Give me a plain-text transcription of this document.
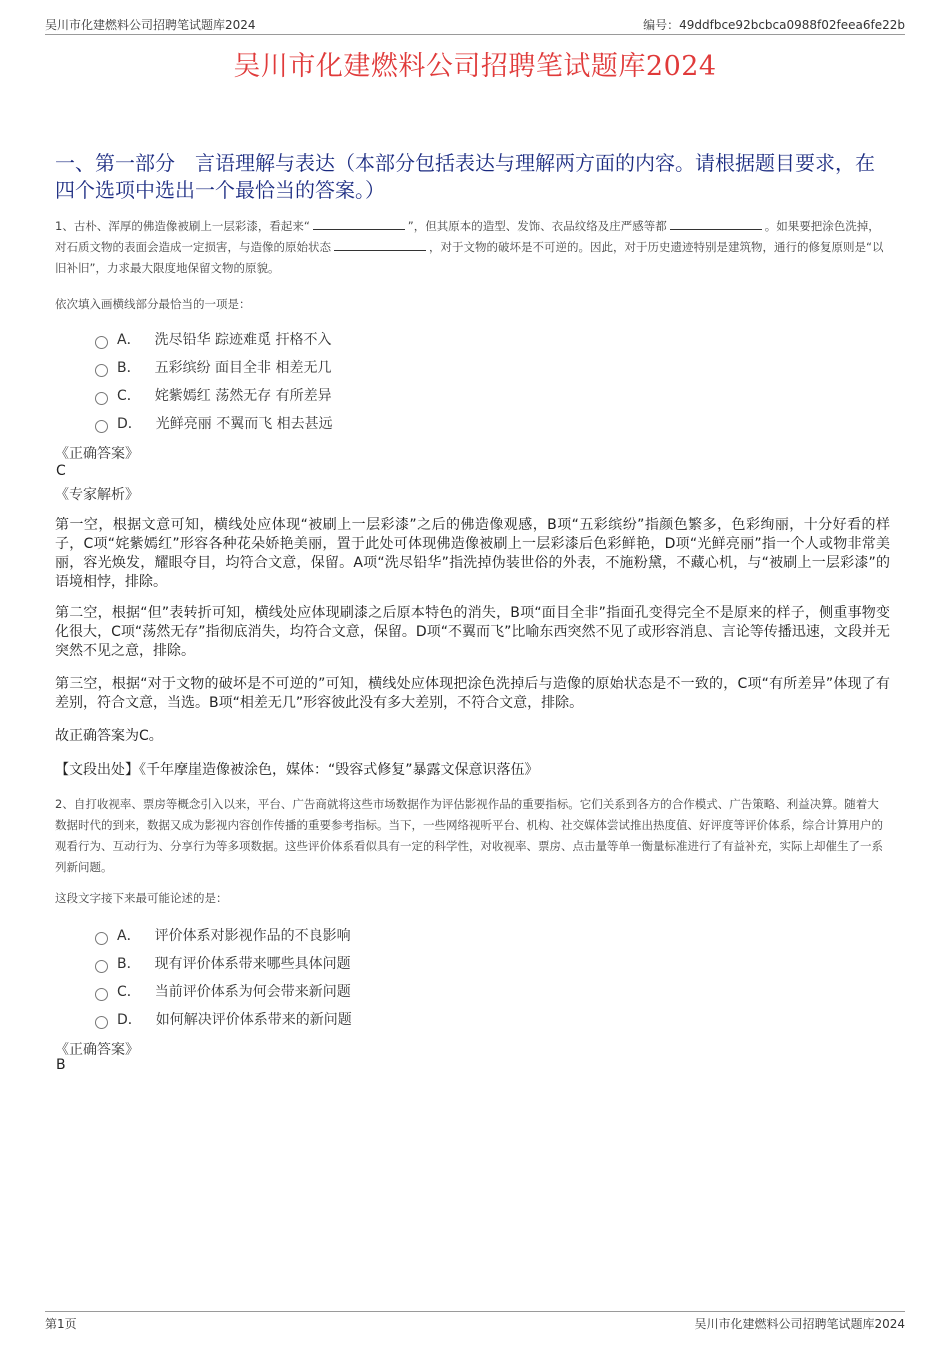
吴川市化建燃料公司招聘笔试题库2024	编号：49ddfbce92bcbca0988f02feea6fe22b
吴川市化建燃料公司招聘笔试题库2024
一、第一部分　言语理解与表达（本部分包括表达与理解两方面的内容。请根据题目要求，在四个选项中选出一个最恰当的答案。）
1、古朴、浑厚的佛造像被刷上一层彩漆，看起来“	”，但其原本的造型、发饰、衣品纹络及庄严感等都	。如果要把涂色洗掉，对石质文物的表面会造成一定损害，与造像的原始状态	，对于文物的破坏是不可逆的。因此，对于历史遗迹特别是建筑物，通行的修复原则是“以旧补旧”，力求最大限度地保留文物的原貌。
依次填入画横线部分最恰当的一项是：
A． 洗尽铅华 踪迹难觅 扞格不入
B． 五彩缤纷 面目全非 相差无几
C． 姹紫嫣红 荡然无存 有所差异
D． 光鲜亮丽 不翼而飞 相去甚远
《正确答案》
C
《专家解析》
第一空，根据文意可知，横线处应体现“被刷上一层彩漆”之后的佛造像观感，B项“五彩缤纷”指颜色繁多，色彩绚丽，十分好看的样子，C项“姹紫嫣红”形容各种花朵娇艳美丽，置于此处可体现佛造像被刷上一层彩漆后色彩鲜艳，D项“光鲜亮丽”指一个人或物非常美丽，容光焕发，耀眼夺目，均符合文意，保留。A项“洗尽铅华”指洗掉伪装世俗的外表，不施粉黛，不藏心机，与“被刷上一层彩漆”的语境相悖，排除。
第二空，根据“但”表转折可知，横线处应体现刷漆之后原本特色的消失，B项“面目全非”指面孔变得完全不是原来的样子，侧重事物变化很大，C项“荡然无存”指彻底消失，均符合文意，保留。D项“不翼而飞”比喻东西突然不见了或形容消息、言论等传播迅速，文段并无突然不见之意，排除。
第三空，根据“对于文物的破坏是不可逆的”可知，横线处应体现把涂色洗掉后与造像的原始状态是不一致的，C项“有所差异”体现了有差别，符合文意，当选。B项“相差无几”形容彼此没有多大差别，不符合文意，排除。
故正确答案为C。
【文段出处】《千年摩崖造像被涂色，媒体：“毁容式修复”暴露文保意识落伍》
2、自打收视率、票房等概念引入以来，平台、广告商就将这些市场数据作为评估影视作品的重要指标。它们关系到各方的合作模式、广告策略、利益决算。随着大数据时代的到来，数据又成为影视内容创作传播的重要参考指标。当下，一些网络视听平台、机构、社交媒体尝试推出热度值、好评度等评价体系，综合计算用户的观看行为、互动行为、分享行为等多项数据。这些评价体系看似具有一定的科学性，对收视率、票房、点击量等单一衡量标准进行了有益补充，实际上却催生了一系列新问题。
这段文字接下来最可能论述的是：
A． 评价体系对影视作品的不良影响
B． 现有评价体系带来哪些具体问题
C． 当前评价体系为何会带来新问题
D． 如何解决评价体系带来的新问题
《正确答案》
B
第1页	吴川市化建燃料公司招聘笔试题库2024
